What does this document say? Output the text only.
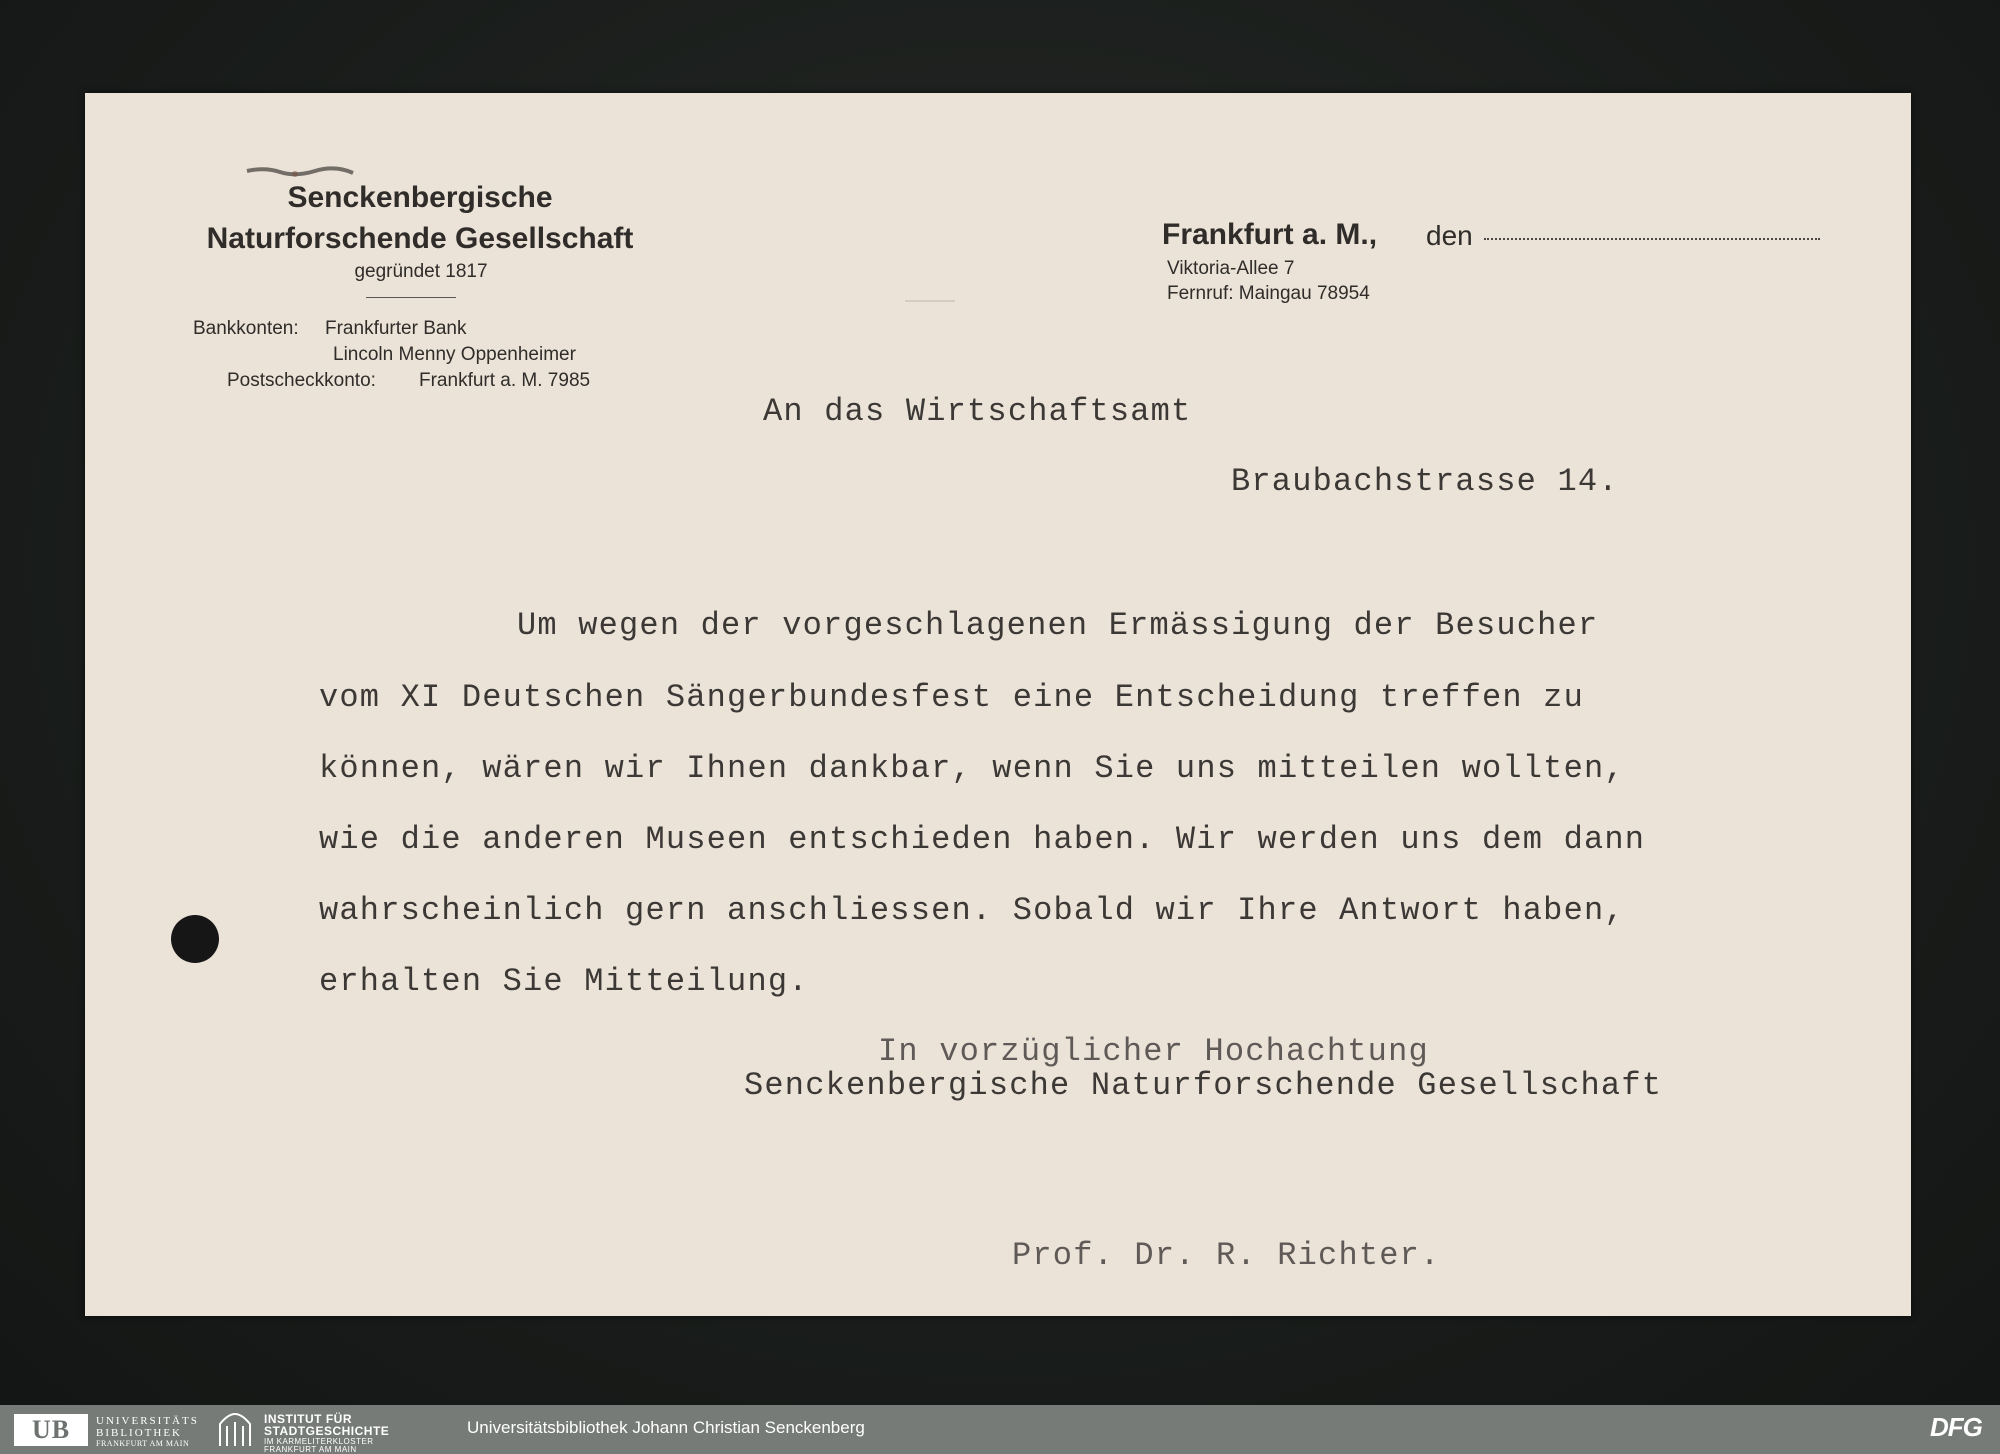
Senckenbergische
Naturforschende Gesellschaft
gegründet 1817
Bankkonten: Frankfurter Bank
Lincoln Menny Oppenheimer
Postscheckkonto: Frankfurt a. M. 7985
Frankfurt a. M., den
Viktoria-Allee 7
Fernruf: Maingau 78954
An das Wirtschaftsamt
Braubachstrasse 14.
Um wegen der vorgeschlagenen Ermässigung der Besucher
vom XI Deutschen Sängerbundesfest eine Entscheidung treffen zu
können, wären wir Ihnen dankbar, wenn Sie uns mitteilen wollten,
wie die anderen Museen entschieden haben. Wir werden uns dem dann
wahrscheinlich gern anschliessen. Sobald wir Ihre Antwort haben,
erhalten Sie Mitteilung.
In vorzüglicher Hochachtung
Senckenbergische Naturforschende Gesellschaft
Prof. Dr. R. Richter.
UB	UNIVERSITÄTS
BIBLIOTHEK
FRANKFURT AM MAIN
INSTITUT FÜR
STADTGESCHICHTE
IM KARMELITERKLOSTER
FRANKFURT AM MAIN
Universitätsbibliothek Johann Christian Senckenberg	DFG
